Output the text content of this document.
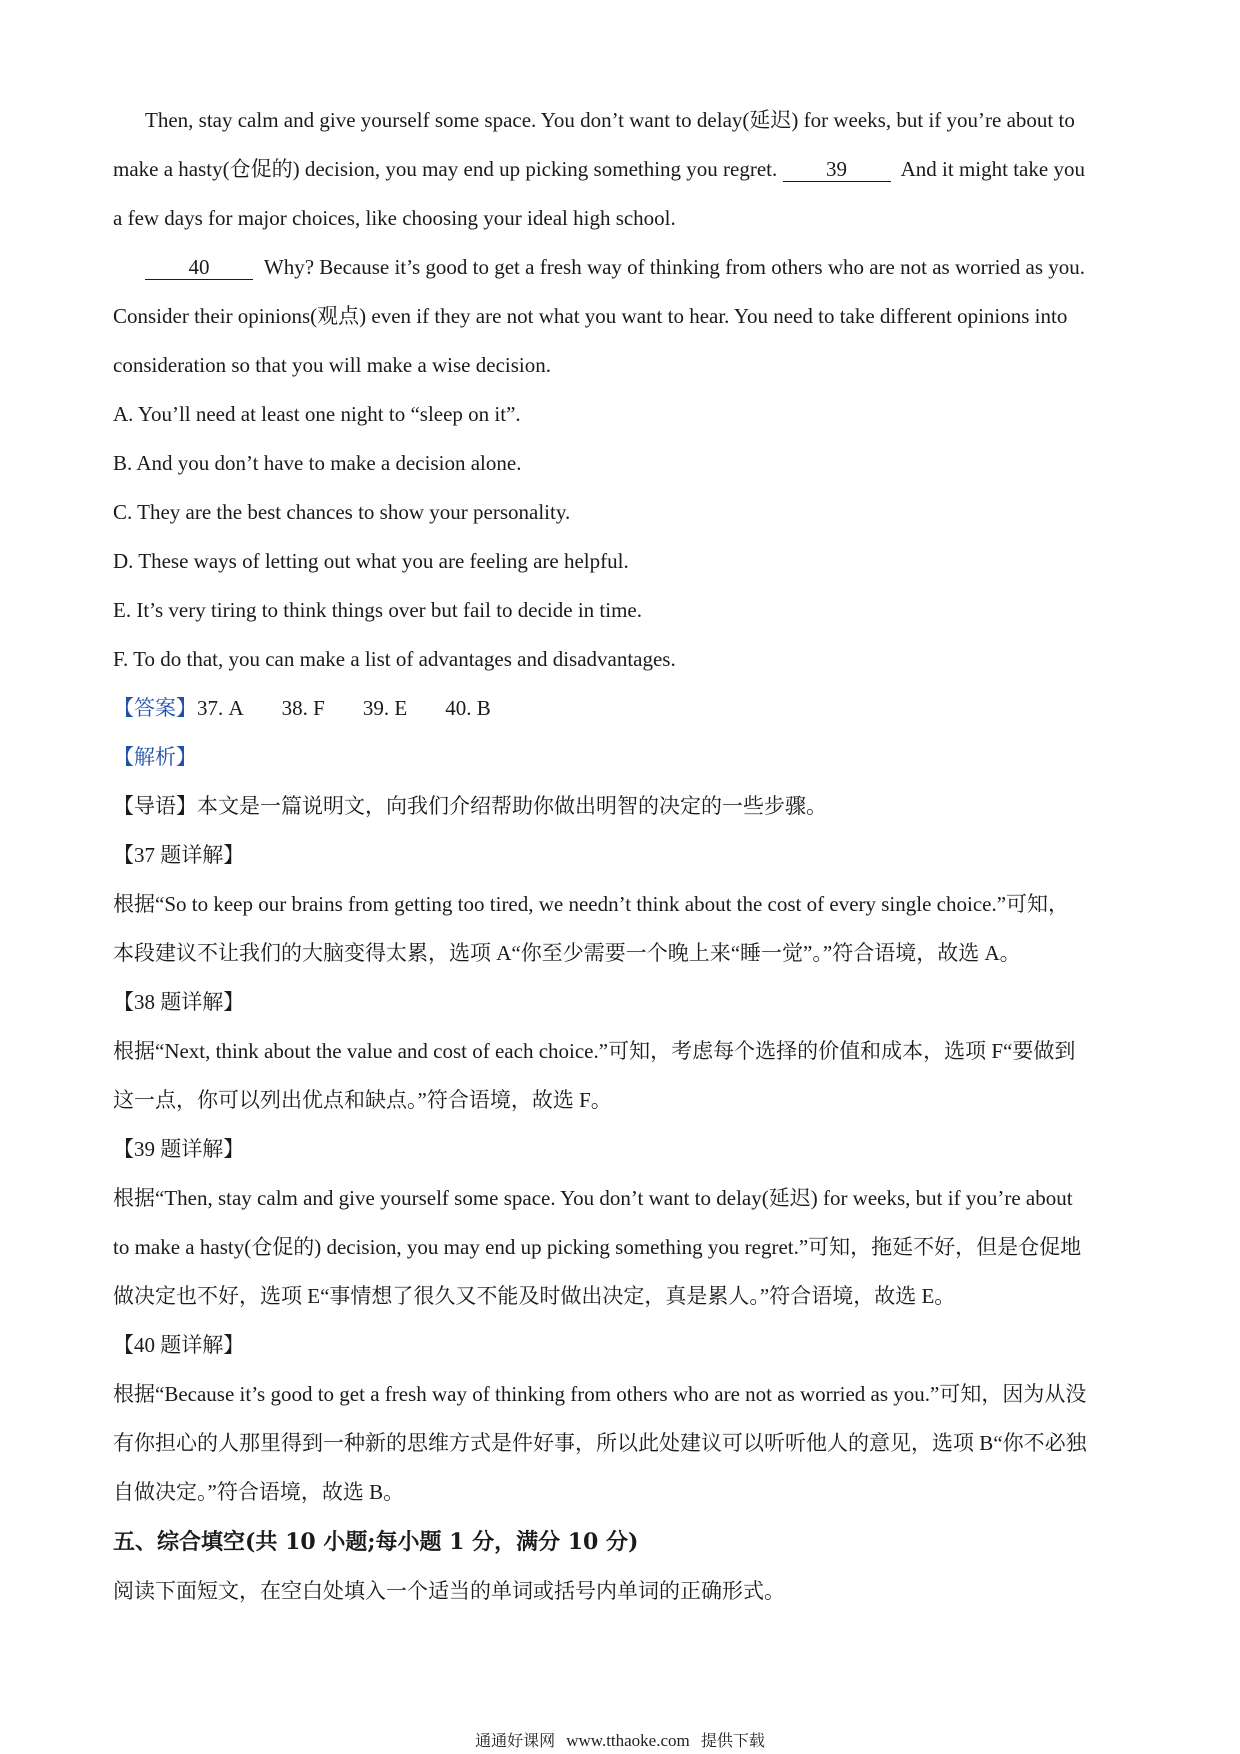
Then, stay calm and give yourself some space. You don’t want to delay(延迟) for weeks, but if you’re about to
make a hasty(仓促的) decision, you may end up picking something you regret. 39	And it might take you
a few days for major choices, like choosing your ideal high school.
40	Why? Because it’s good to get a fresh way of thinking from others who are not as worried as you.
Consider their opinions(观点) even if they are not what you want to hear. You need to take different opinions into
consideration so that you will make a wise decision.
A. You’ll need at least one night to “sleep on it”.
B. And you don’t have to make a decision alone.
C. They are the best chances to show your personality.
D. These ways of letting out what you are feeling are helpful.
E. It’s very tiring to think things over but fail to decide in time.
F. To do that, you can make a list of advantages and disadvantages.
【答案】37. A 38. F 39. E 40. B
【解析】
【导语】本文是一篇说明文，向我们介绍帮助你做出明智的决定的一些步骤。
【37 题详解】
根据“So to keep our brains from getting too tired, we needn’t think about the cost of every single choice.”可知，
本段建议不让我们的大脑变得太累，选项 A“你至少需要一个晚上来“睡一觉”。”符合语境，故选 A。
【38 题详解】
根据“Next, think about the value and cost of each choice.”可知，考虑每个选择的价值和成本，选项 F“要做到
这一点，你可以列出优点和缺点。”符合语境，故选 F。
【39 题详解】
根据“Then, stay calm and give yourself some space. You don’t want to delay(延迟) for weeks, but if you’re about
to make a hasty(仓促的) decision, you may end up picking something you regret.”可知，拖延不好，但是仓促地
做决定也不好，选项 E“事情想了很久又不能及时做出决定，真是累人。”符合语境，故选 E。
【40 题详解】
根据“Because it’s good to get a fresh way of thinking from others who are not as worried as you.”可知，因为从没
有你担心的人那里得到一种新的思维方式是件好事，所以此处建议可以听听他人的意见，选项 B“你不必独
自做决定。”符合语境，故选 B。
五、综合填空(共 10 小题;每小题 1 分，满分 10 分)
阅读下面短文，在空白处填入一个适当的单词或括号内单词的正确形式。
通通好课网 www.tthaoke.com 提供下载
